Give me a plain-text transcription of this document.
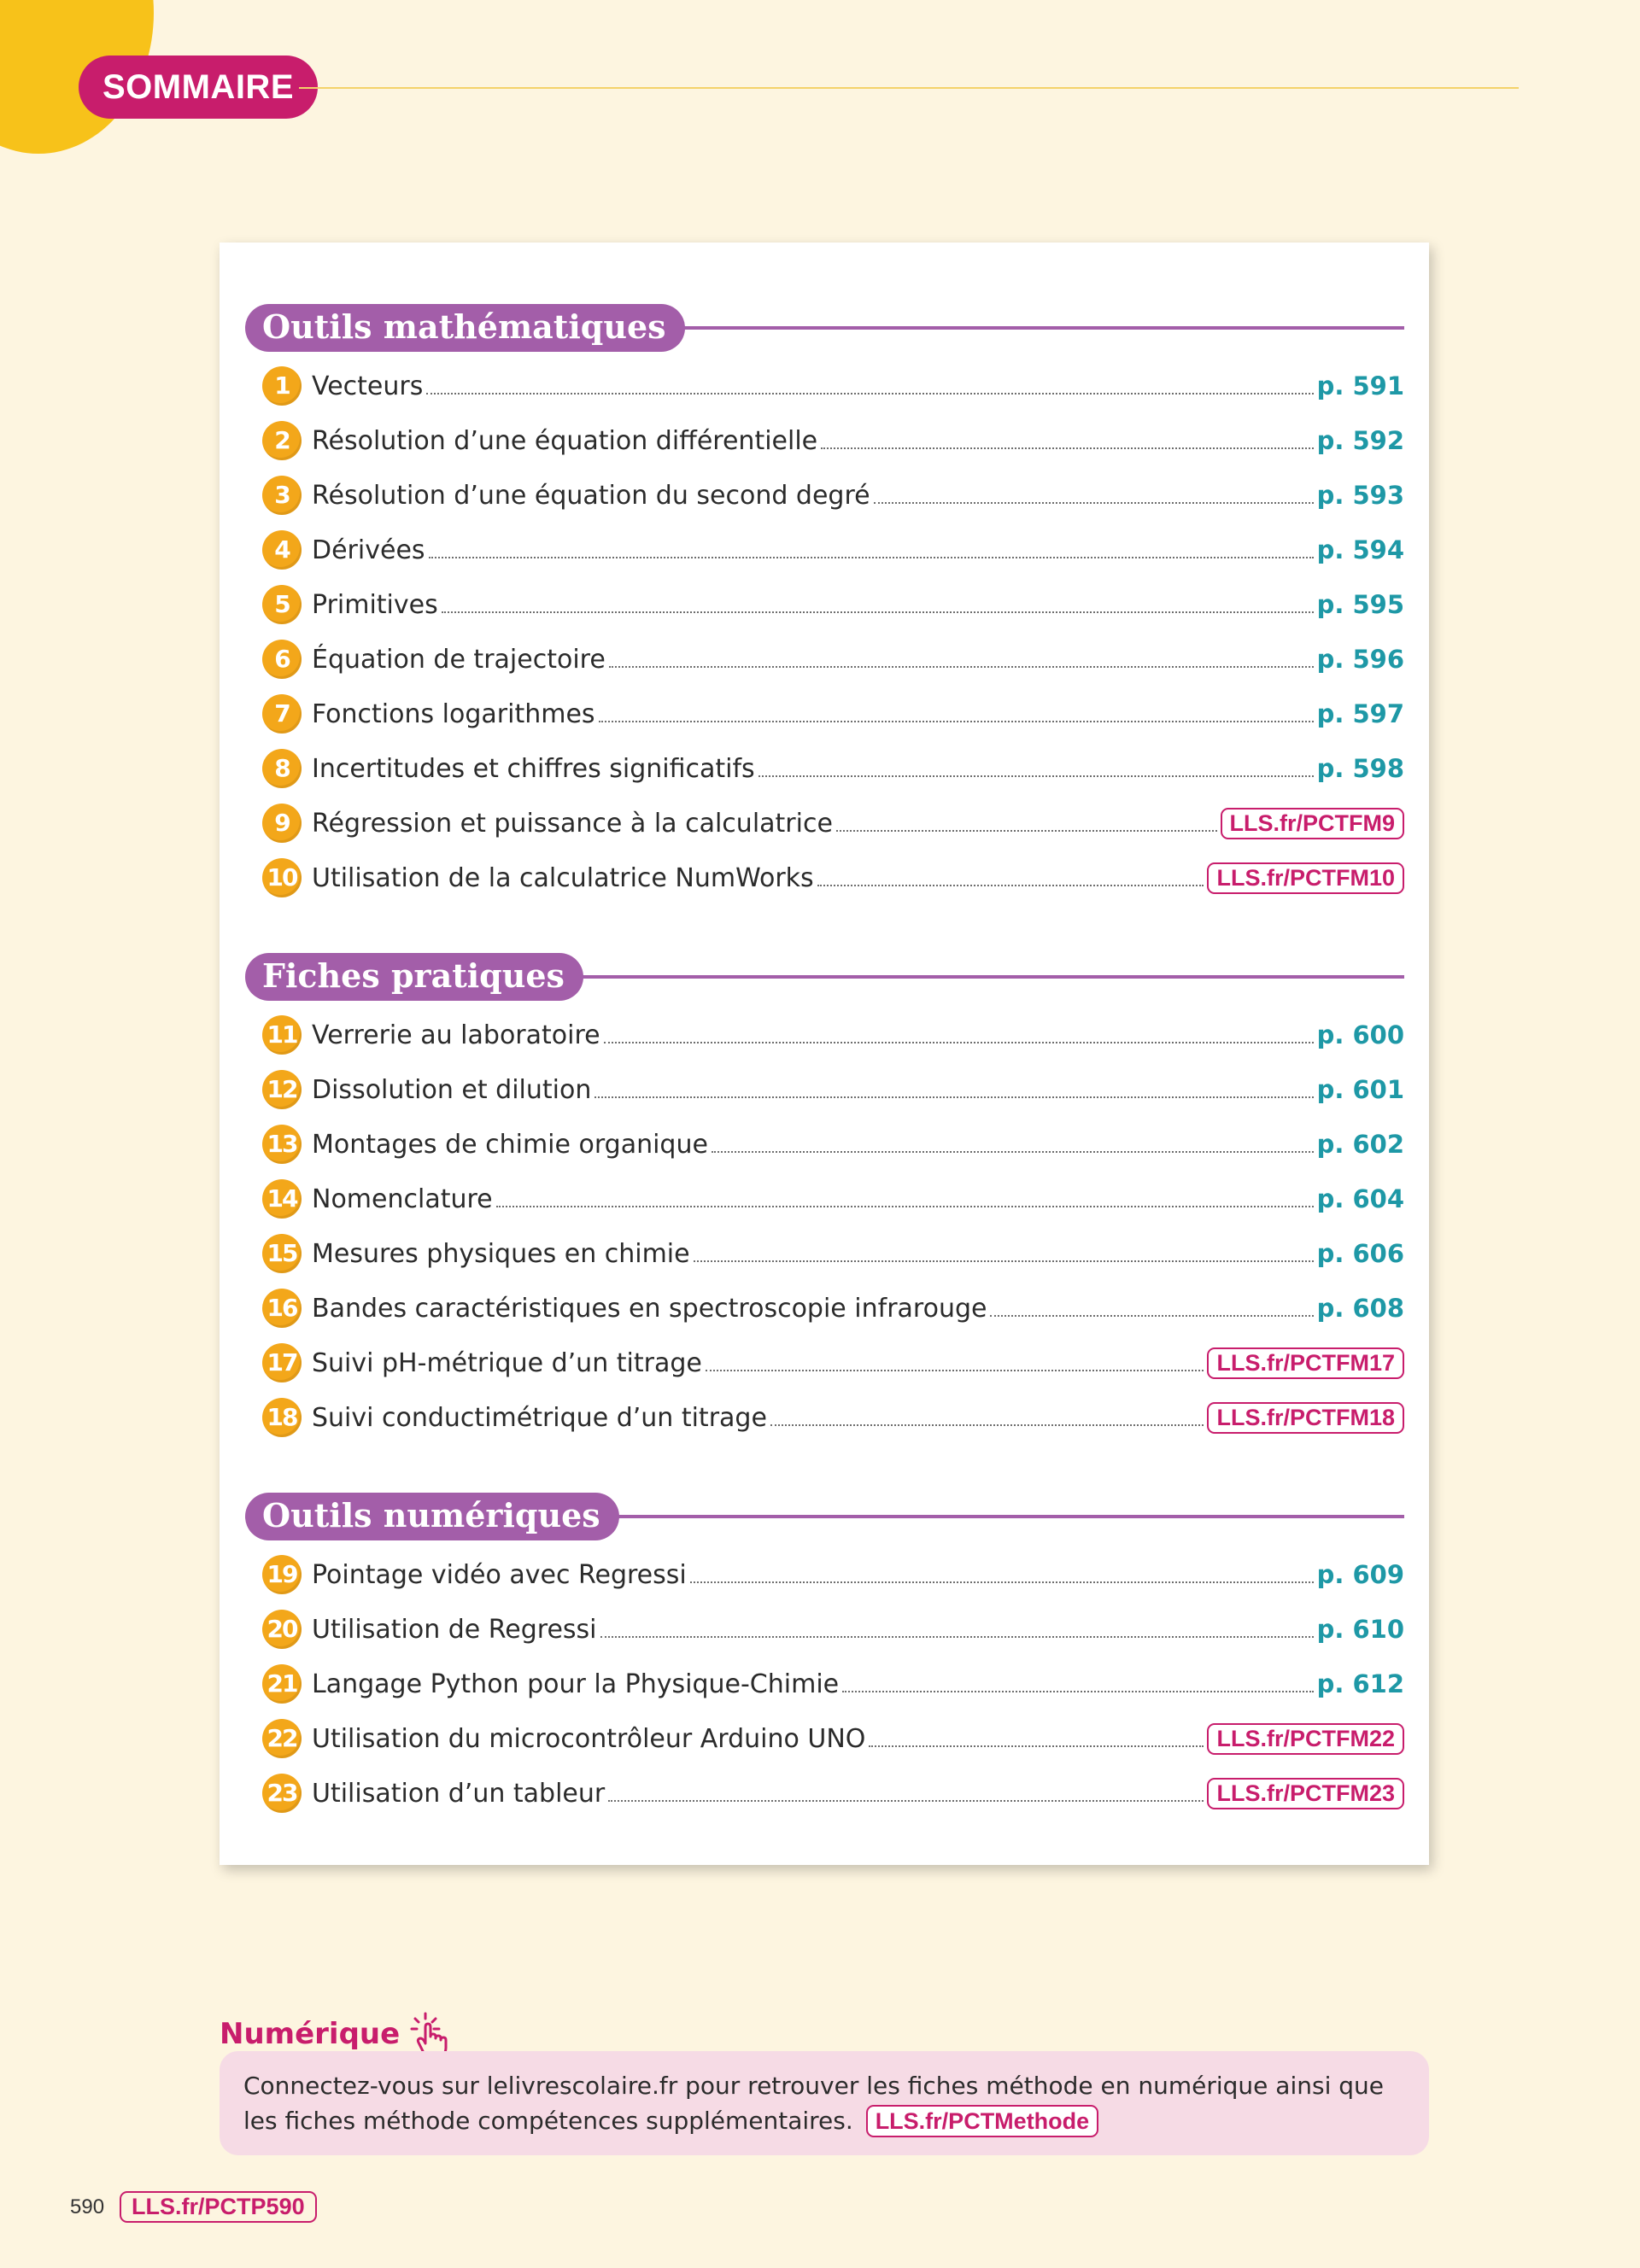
SOMMAIRE
Outils mathématiques
1 Vecteurs	p. 591
2 Résolution d’une équation différentielle	p. 592
3 Résolution d’une équation du second degré	p. 593
4 Dérivées	p. 594
5 Primitives	p. 595
6 Équation de trajectoire	p. 596
7 Fonctions logarithmes	p. 597
8 Incertitudes et chiffres significatifs	p. 598
9 Régression et puissance à la calculatrice	LLS.fr/PCTFM9
10 Utilisation de la calculatrice NumWorks	LLS.fr/PCTFM10
Fiches pratiques
11 Verrerie au laboratoire	p. 600
12 Dissolution et dilution	p. 601
13 Montages de chimie organique	p. 602
14 Nomenclature	p. 604
15 Mesures physiques en chimie	p. 606
16 Bandes caractéristiques en spectroscopie infrarouge	p. 608
17 Suivi pH-métrique d’un titrage	LLS.fr/PCTFM17
18 Suivi conductimétrique d’un titrage	LLS.fr/PCTFM18
Outils numériques
19 Pointage vidéo avec Regressi	p. 609
20 Utilisation de Regressi	p. 610
21 Langage Python pour la Physique-Chimie	p. 612
22 Utilisation du microcontrôleur Arduino UNO	LLS.fr/PCTFM22
23 Utilisation d’un tableur	LLS.fr/PCTFM23
Numérique
Connectez-vous sur lelivrescolaire.fr pour retrouver les fiches méthode en numérique ainsi que les fiches méthode compétences supplémentaires. LLS.fr/PCTMethode
590	LLS.fr/PCTP590
